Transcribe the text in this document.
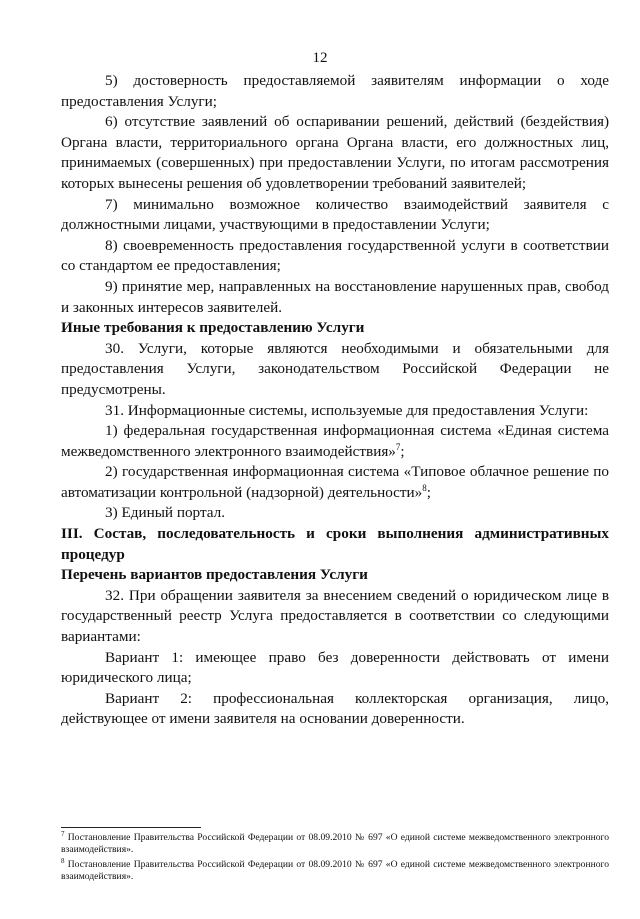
12

5) достоверность предоставляемой заявителям информации о ходе предоставления Услуги;

6) отсутствие заявлений об оспаривании решений, действий (бездействия) Органа власти, территориального органа Органа власти, его должностных лиц, принимаемых (совершенных) при предоставлении Услуги, по итогам рассмотрения которых вынесены решения об удовлетворении требований заявителей;

7) минимально возможное количество взаимодействий заявителя с должностными лицами, участвующими в предоставлении Услуги;

8) своевременность предоставления государственной услуги в соответствии со стандартом ее предоставления;

9) принятие мер, направленных на восстановление нарушенных прав, свобод и законных интересов заявителей.

Иные требования к предоставлению Услуги

30. Услуги, которые являются необходимыми и обязательными для предоставления Услуги, законодательством Российской Федерации не предусмотрены.

31. Информационные системы, используемые для предоставления Услуги:

1) федеральная государственная информационная система «Единая система межведомственного электронного взаимодействия»$^7$;

2) государственная информационная система «Типовое облачное решение по автоматизации контрольной (надзорной) деятельности»$^8$;

3) Единый портал.

III. Состав, последовательность и сроки выполнения административных процедур

Перечень вариантов предоставления Услуги

32. При обращении заявителя за внесением сведений о юридическом лице в государственный реестр Услуга предоставляется в соответствии со следующими вариантами:

Вариант 1: имеющее право без доверенности действовать от имени юридического лица;

Вариант 2: профессиональная коллекторская организация, лицо, действующее от имени заявителя на основании доверенности.

$^7$ Постановление Правительства Российской Федерации от 08.09.2010 № 697 «О единой системе межведомственного электронного взаимодействия».

$^8$ Постановление Правительства Российской Федерации от 08.09.2010 № 697 «О единой системе межведомственного электронного взаимодействия».
